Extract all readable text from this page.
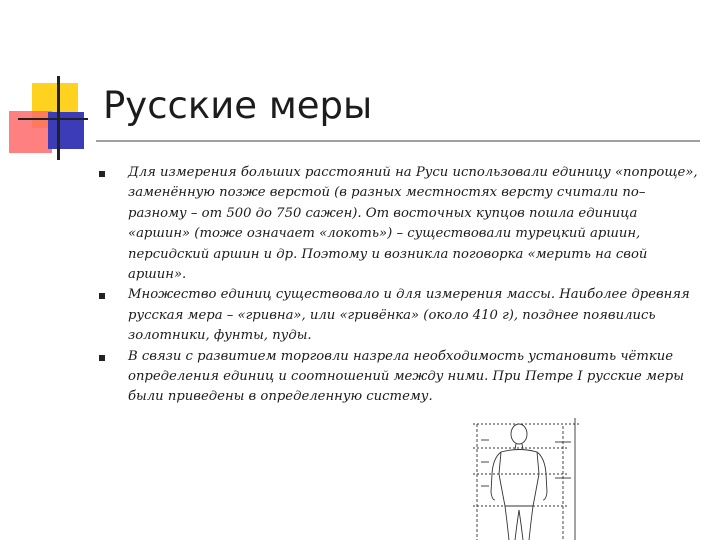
Русские меры
Для измерения больших расстояний на Руси использовали единицу «попроще», заменённую позже верстой (в разных местностях версту считали по–разному – от 500 до 750 сажен). От восточных купцов пошла единица «аршин» (тоже означает «локоть») – существовали турецкий аршин, персидский аршин и др. Поэтому и возникла поговорка «мерить на свой аршин».
Множество единиц существовало и для измерения массы. Наиболее древняя русская мера – «гривна», или «гривёнка» (около 410 г), позднее появились золотники, фунты, пуды.
В связи с развитием торговли назрела необходимость установить чёткие определения единиц и соотношений между ними. При Петре I русские меры были приведены в определенную систему.
